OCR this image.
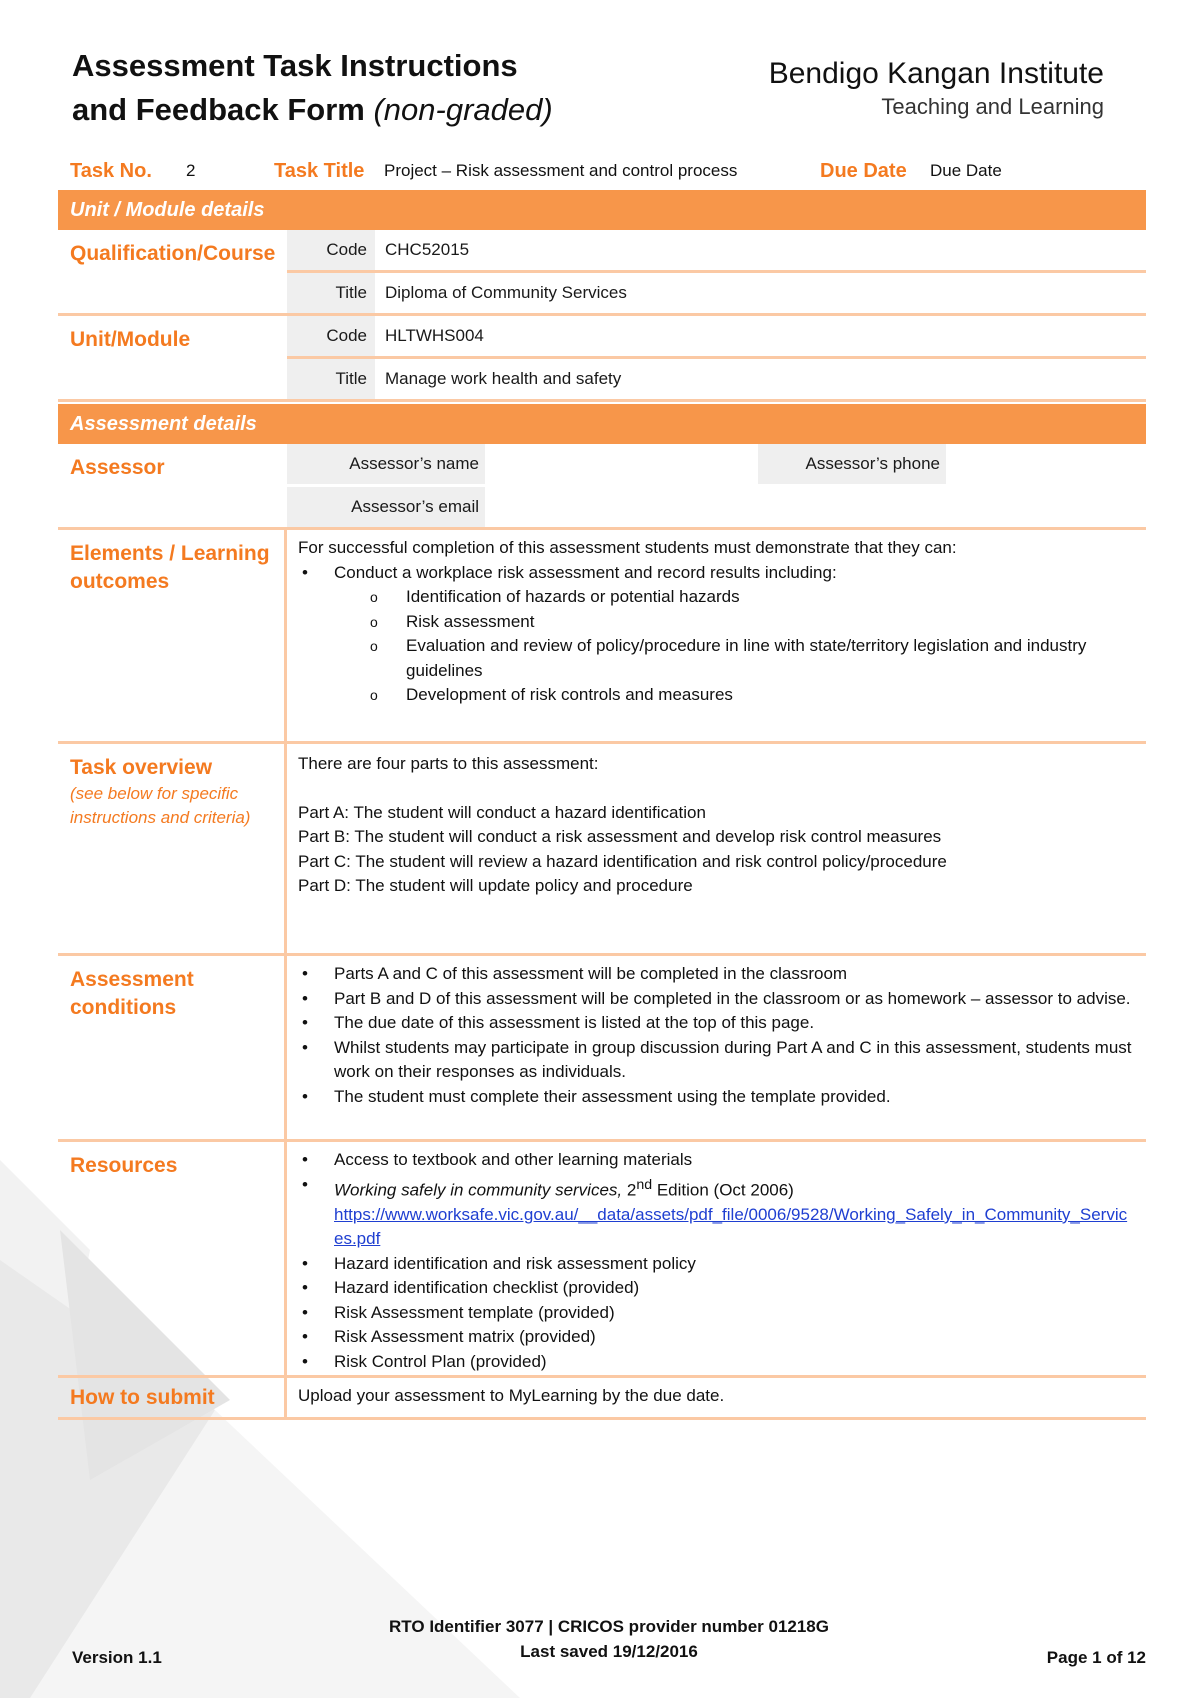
Assessment Task Instructions
and Feedback Form (non-graded)
Bendigo Kangan Institute
Teaching and Learning
Task No. 2	Task Title Project – Risk assessment and control process	Due Date Due Date
Unit / Module details
Qualification/Course	Code	CHC52015
Title	Diploma of Community Services
Unit/Module	Code	HLTWHS004
Title	Manage work health and safety
Assessment details
Assessor	Assessor’s name	Assessor’s phone
Assessor’s email
Elements / Learning outcomes

For successful completion of this assessment students must demonstrate that they can:

• Conduct a workplace risk assessment and record results including:
o Identification of hazards or potential hazards
o Risk assessment
o Evaluation and review of policy/procedure in line with state/territory legislation and industry guidelines
o Development of risk controls and measures
Task overview
(see below for specific instructions and criteria)

There are four parts to this assessment:

Part A: The student will conduct a hazard identification

Part B: The student will conduct a risk assessment and develop risk control measures

Part C: The student will review a hazard identification and risk control policy/procedure

Part D: The student will update policy and procedure

Assessment conditions
• Parts A and C of this assessment will be completed in the classroom
• Part B and D of this assessment will be completed in the classroom or as homework – assessor to advise.
• The due date of this assessment is listed at the top of this page.
• Whilst students may participate in group discussion during Part A and C in this assessment, students must work on their responses as individuals.
• The student must complete their assessment using the template provided.
Resources
•	Access to textbook and other learning materials
• Working safely in community services, 2nd Edition (Oct 2006)
https://www.worksafe.vic.gov.au/__data/assets/pdf_file/0006/9528/Working_Safely_in_Community_Services.pdf
• Hazard identification and risk assessment policy
• Hazard identification checklist (provided)
• Risk Assessment template (provided)
• Risk Assessment matrix (provided)
• Risk Control Plan (provided)
How to submit	Upload your assessment to MyLearning by the due date.
Version 1.1
RTO Identifier 3077 | CRICOS provider number 01218G
Last saved 19/12/2016	Page 1 of 12
